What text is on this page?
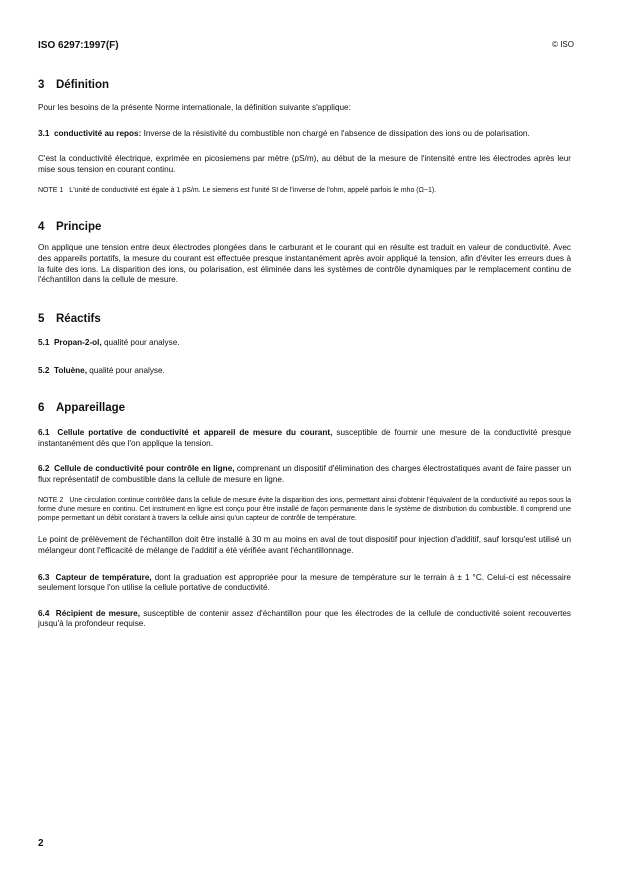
ISO 6297:1997(F)	© ISO
3 Définition

Pour les besoins de la présente Norme internationale, la définition suivante s'applique:

3.1 conductivité au repos: Inverse de la résistivité du combustible non chargé en l'absence de dissipation des ions ou de polarisation.

C'est la conductivité électrique, exprimée en picosiemens par mètre (pS/m), au début de la mesure de l'intensité entre les électrodes après leur mise sous tension en courant continu.

NOTE 1 L'unité de conductivité est égale à 1 pS/m. Le siemens est l'unité SI de l'inverse de l'ohm, appelé parfois le mho (Ω−1).

4 Principe

On applique une tension entre deux électrodes plongées dans le carburant et le courant qui en résulte est traduit en valeur de conductivité. Avec des appareils portatifs, la mesure du courant est effectuée presque instantanément après avoir appliqué la tension, afin d'éviter les erreurs dues à la fuite des ions. La disparition des ions, ou polarisation, est éliminée dans les systèmes de contrôle dynamiques par le remplacement continu de l'échantillon dans la cellule de mesure.

5 Réactifs

5.1 Propan-2-ol, qualité pour analyse.

5.2 Toluène, qualité pour analyse.

6 Appareillage

6.1 Cellule portative de conductivité et appareil de mesure du courant, susceptible de fournir une mesure de la conductivité presque instantanément dès que l'on applique la tension.

6.2 Cellule de conductivité pour contrôle en ligne, comprenant un dispositif d'élimination des charges électrostatiques avant de faire passer un flux représentatif de combustible dans la cellule de mesure en ligne.

NOTE 2 Une circulation continue contrôlée dans la cellule de mesure évite la disparition des ions, permettant ainsi d'obtenir l'équivalent de la conductivité au repos sous la forme d'une mesure en continu. Cet instrument en ligne est conçu pour être installé de façon permanente dans le système de distribution du combustible. Il comprend une pompe permettant un débit constant à travers la cellule ainsi qu'un capteur de contrôle de température.

Le point de prélèvement de l'échantillon doit être installé à 30 m au moins en aval de tout dispositif pour injection d'additif, sauf lorsqu'est utilisé un mélangeur dont l'efficacité de mélange de l'additif a été vérifiée avant l'échantillonnage.

6.3 Capteur de température, dont la graduation est appropriée pour la mesure de température sur le terrain à ± 1 °C. Celui-ci est nécessaire seulement lorsque l'on utilise la cellule portative de conductivité.

6.4 Récipient de mesure, susceptible de contenir assez d'échantillon pour que les électrodes de la cellule de conductivité soient recouvertes jusqu'à la profondeur requise.

2
